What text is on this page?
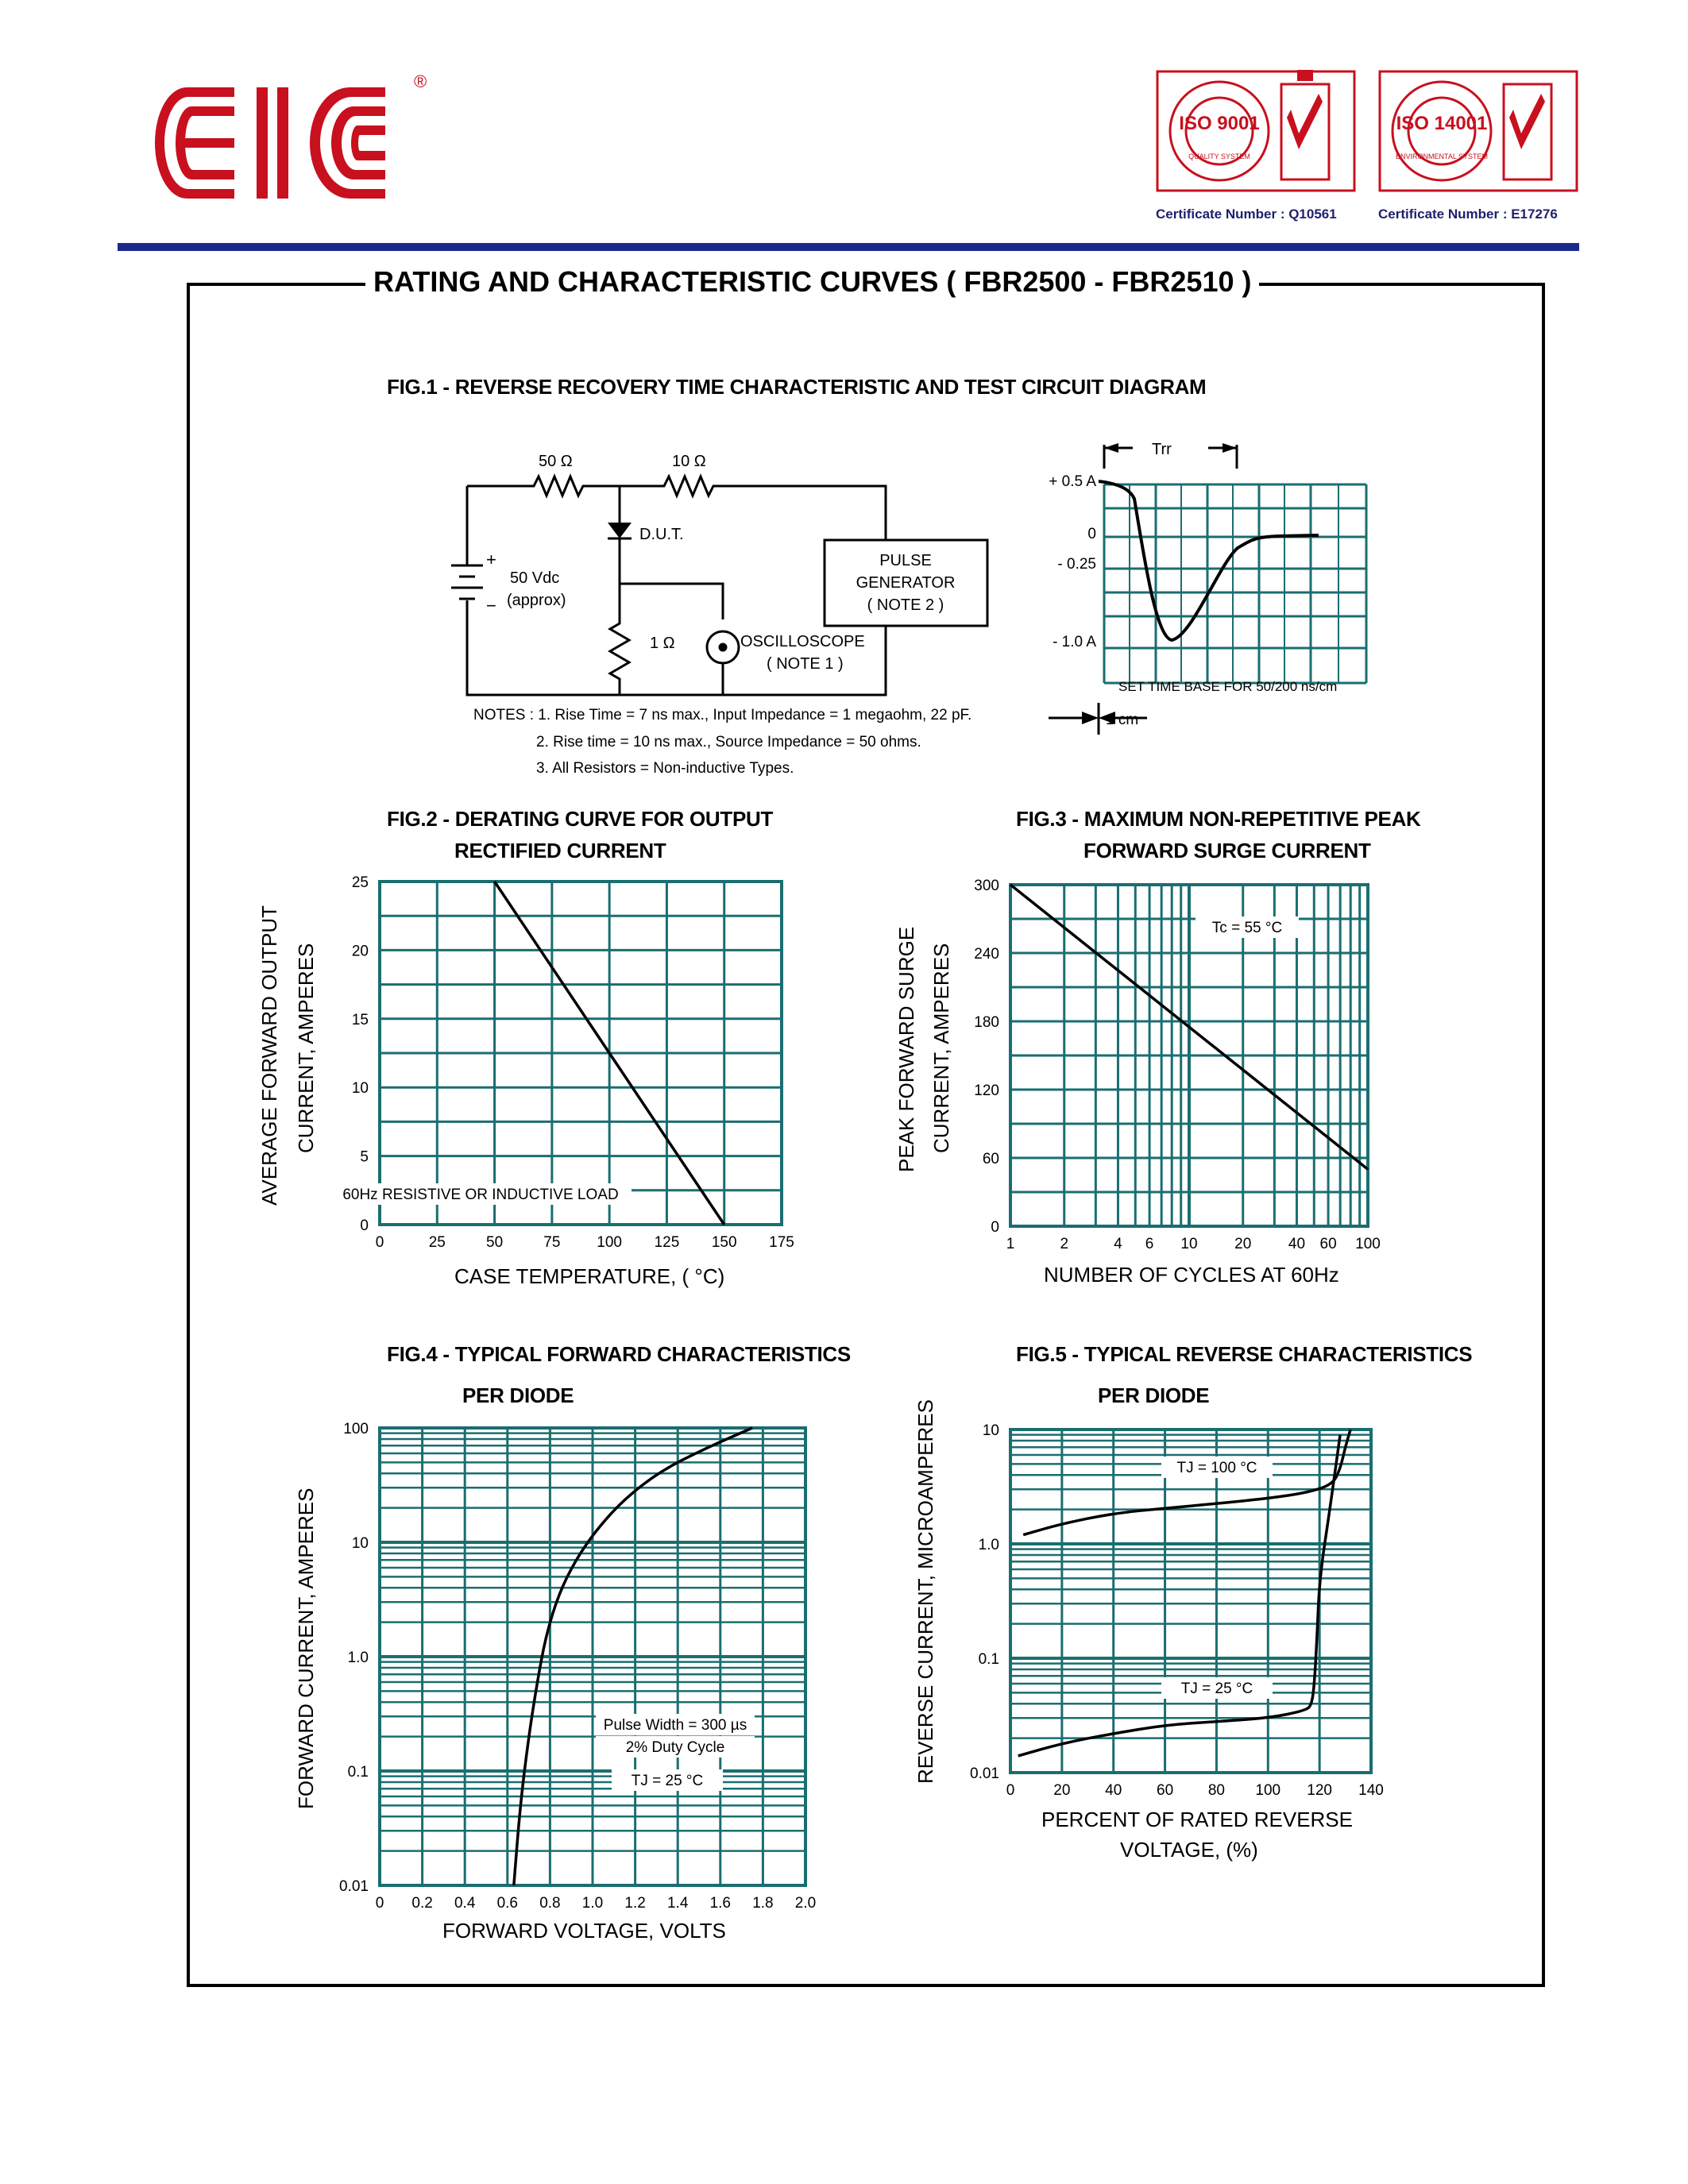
®
ISO 9001	ISO 14001
QUALITY SYSTEM	ENVIRONMENTAL SYSTEM
Certificate Number : Q10561	Certificate Number : E17276
RATING AND CHARACTERISTIC CURVES ( FBR2500 - FBR2510 )
FIG.1 - REVERSE RECOVERY TIME CHARACTERISTIC AND TEST CIRCUIT DIAGRAM
50 Ω	10 Ω
D.U.T.
+
−
50 Vdc
(approx)
1 Ω	OSCILLOSCOPE
( NOTE 1 )
PULSE
GENERATOR
( NOTE 2 )
NOTES : 1. Rise Time = 7 ns max., Input Impedance = 1 megaohm, 22 pF.
2. Rise time = 10 ns max., Source Impedance = 50 ohms.
3. All Resistors = Non-inductive Types.
Trr
+ 0.5 A
0
- 0.25
- 1.0 A
SET TIME BASE FOR 50/200 ns/cm
1 cm
FIG.2 - DERATING CURVE FOR OUTPUT
RECTIFIED CURRENT
AVERAGE FORWARD OUTPUT CURRENT, AMPERES
0	25	50	75 100 125 150 175
0
5
10
15
20
25
60Hz RESISTIVE OR INDUCTIVE LOAD
CASE TEMPERATURE, ( °C)
FIG.3 - MAXIMUM NON-REPETITIVE PEAK
FORWARD SURGE CURRENT
PEAK FORWARD SURGE CURRENT, AMPERES
1	2	4 6 10 20 40 60 100
0
60
120
180
240
300
Tc = 55 °C
NUMBER OF CYCLES AT 60Hz
FIG.4 - TYPICAL FORWARD CHARACTERISTICS
PER DIODE
FORWARD CURRENT, AMPERES
0 0.2 0.4 0.6 0.8 1.0 1.2 1.4 1.6 1.8 2.0
0.01
0.1
1.0
10
100
Pulse Width = 300 µs
2% Duty Cycle
TJ = 25 °C
FORWARD VOLTAGE, VOLTS
FIG.5 - TYPICAL REVERSE CHARACTERISTICS
PER DIODE
REVERSE CURRENT, MICROAMPERES
0	20 40 60 80 100 120 140
0.01
0.1
1.0
10
TJ = 100 °C
TJ = 25 °C
PERCENT OF RATED REVERSE
VOLTAGE, (%)
